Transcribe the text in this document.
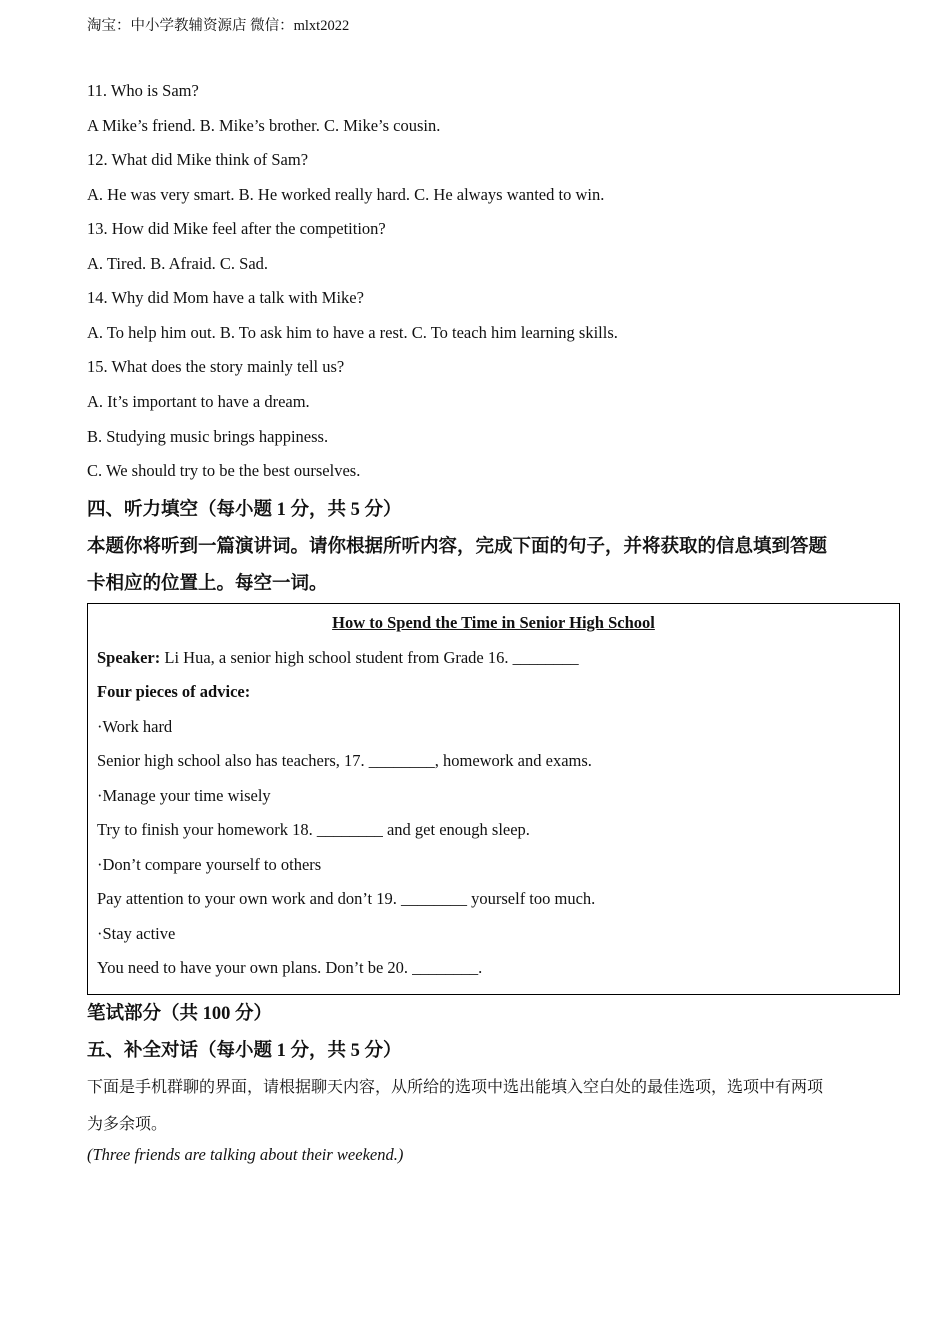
淘宝：中小学教辅资源店 微信：mlxt2022
11. Who is Sam?
A Mike’s friend. B. Mike’s brother. C. Mike’s cousin.
12. What did Mike think of Sam?
A. He was very smart. B. He worked really hard. C. He always wanted to win.
13. How did Mike feel after the competition?
A. Tired. B. Afraid. C. Sad.
14. Why did Mom have a talk with Mike?
A. To help him out. B. To ask him to have a rest. C. To teach him learning skills.
15. What does the story mainly tell us?
A. It’s important to have a dream.
B. Studying music brings happiness.
C. We should try to be the best ourselves.
四、听力填空（每小题 1 分，共 5 分）
本题你将听到一篇演讲词。请你根据所听内容，完成下面的句子，并将获取的信息填到答题
卡相应的位置上。每空一词。
How to Spend the Time in Senior High School
Speaker: Li Hua, a senior high school student from Grade 16. ________
Four pieces of advice:
·Work hard
Senior high school also has teachers, 17. ________, homework and exams.
·Manage your time wisely
Try to finish your homework 18. ________ and get enough sleep.
·Don’t compare yourself to others
Pay attention to your own work and don’t 19. ________ yourself too much.
·Stay active
You need to have your own plans. Don’t be 20. ________.
笔试部分（共 100 分）
五、补全对话（每小题 1 分，共 5 分）
下面是手机群聊的界面，请根据聊天内容，从所给的选项中选出能填入空白处的最佳选项，选项中有两项
为多余项。
(Three friends are talking about their weekend.)
